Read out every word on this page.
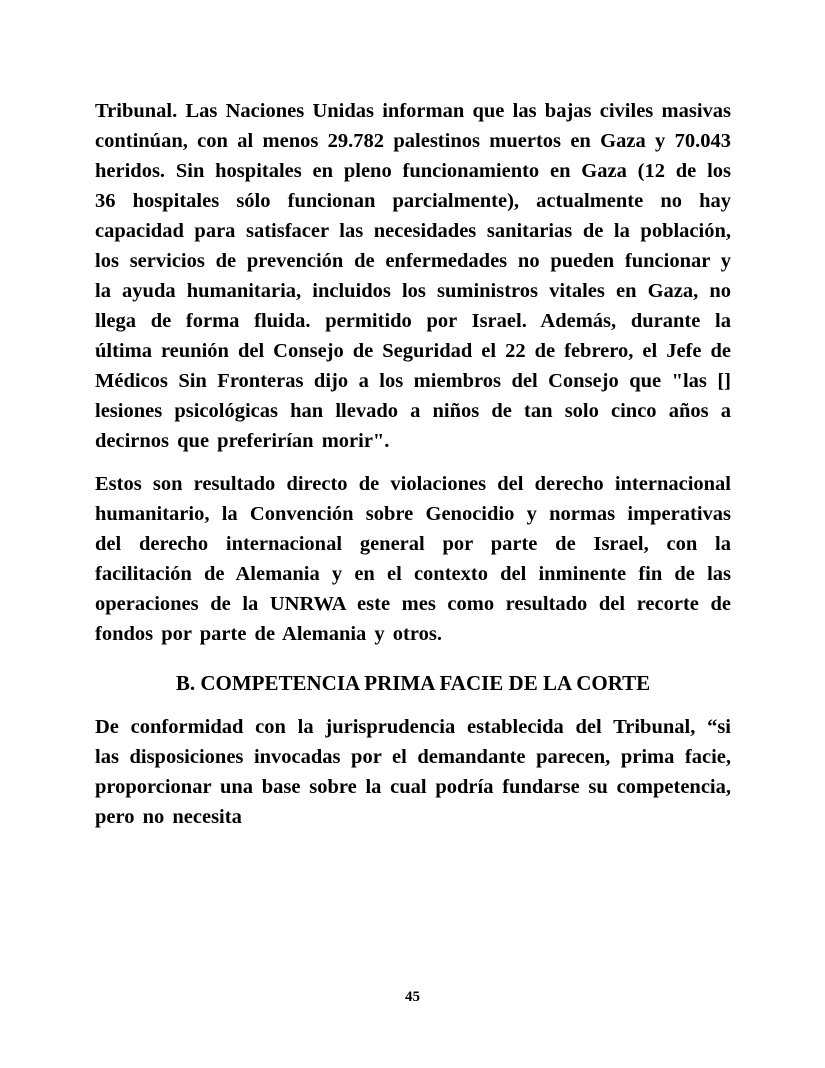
Tribunal. Las Naciones Unidas informan que las bajas civiles masivas continúan, con al menos 29.782 palestinos muertos en Gaza y 70.043 heridos. Sin hospitales en pleno funcionamiento en Gaza (12 de los 36 hospitales sólo funcionan parcialmente), actualmente no hay capacidad para satisfacer las necesidades sanitarias de la población, los servicios de prevención de enfermedades no pueden funcionar y la ayuda humanitaria, incluidos los suministros vitales en Gaza, no llega de forma fluida. permitido por Israel. Además, durante la última reunión del Consejo de Seguridad el 22 de febrero, el Jefe de Médicos Sin Fronteras dijo a los miembros del Consejo que "las [] lesiones psicológicas han llevado a niños de tan solo cinco años a decirnos que preferirían morir".

Estos son resultado directo de violaciones del derecho internacional humanitario, la Convención sobre Genocidio y normas imperativas del derecho internacional general por parte de Israel, con la facilitación de Alemania y en el contexto del inminente fin de las operaciones de la UNRWA este mes como resultado del recorte de fondos por parte de Alemania y otros.

B. COMPETENCIA PRIMA FACIE DE LA CORTE

De conformidad con la jurisprudencia establecida del Tribunal, “si las disposiciones invocadas por el demandante parecen, prima facie, proporcionar una base sobre la cual podría fundarse su competencia, pero no necesita

45
